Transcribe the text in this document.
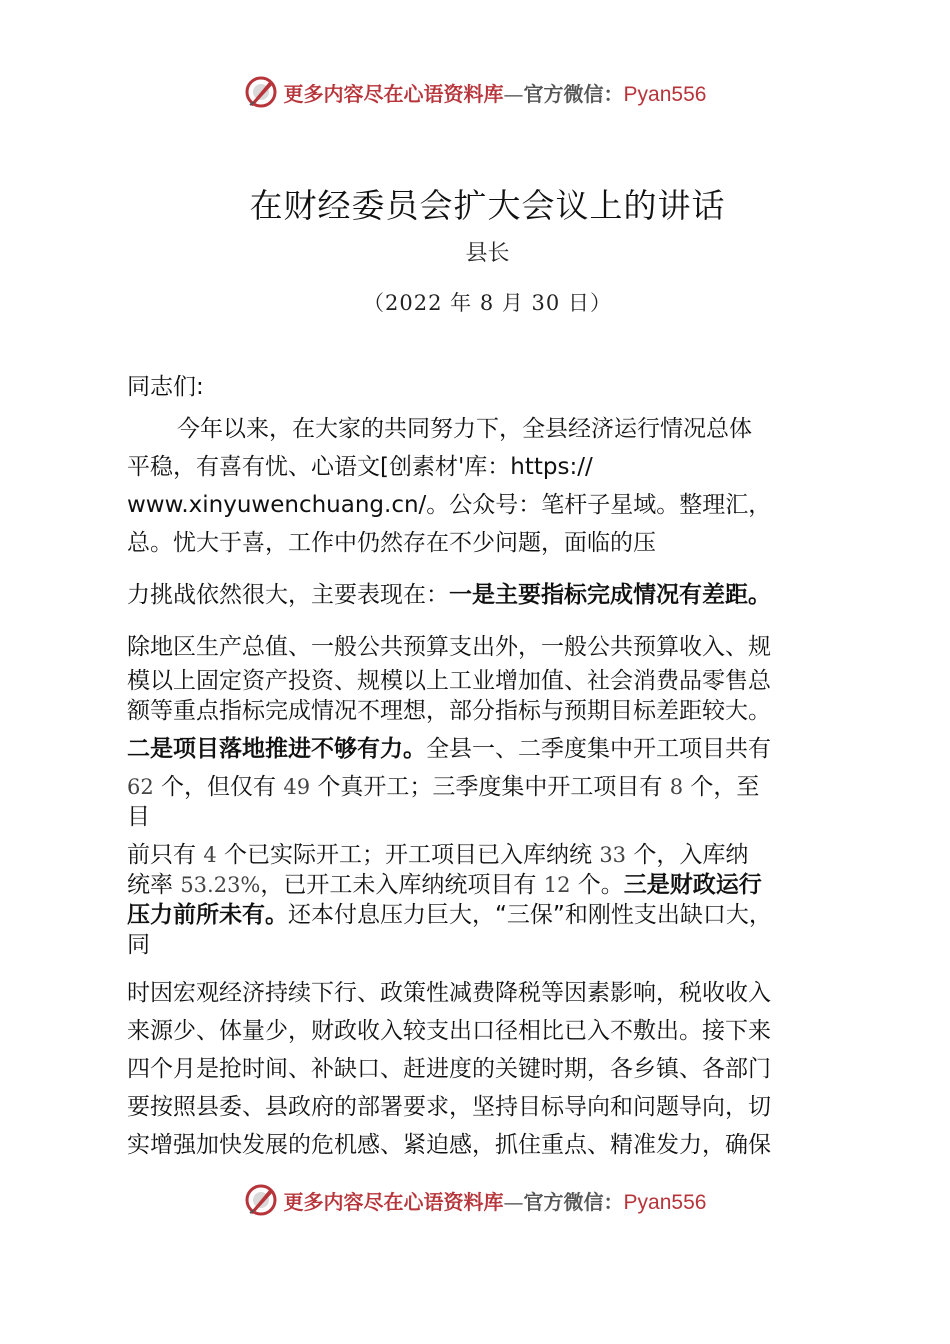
更多内容尽在心语资料库—官方微信：Pyan556
在财经委员会扩大会议上的讲话
县长
（2022 年 8 月 30 日）
同志们:
今年以来，在大家的共同努力下，全县经济运行情况总体
平稳，有喜有忧、心语文[创素材'库：https://
www.xinyuwenchuang.cn/。公众号：笔杆子星域。整理汇，
总。忧大于喜，工作中仍然存在不少问题，面临的压
力挑战依然很大，主要表现在：一是主要指标完成情况有差距。
除地区生产总值、一般公共预算支出外，一般公共预算收入、规
模以上固定资产投资、规模以上工业增加值、社会消费品零售总
额等重点指标完成情况不理想，部分指标与预期目标差距较大。
二是项目落地推进不够有力。全县一、二季度集中开工项目共有
62 个，但仅有 49 个真开工；三季度集中开工项目有 8 个，至
目
前只有 4 个已实际开工；开工项目已入库纳统 33 个，入库纳
统率 53.23%，已开工未入库纳统项目有 12 个。三是财政运行
压力前所未有。还本付息压力巨大，“三保”和刚性支出缺口大，
同
时因宏观经济持续下行、政策性减费降税等因素影响，税收收入
来源少、体量少，财政收入较支出口径相比已入不敷出。接下来
四个月是抢时间、补缺口、赶进度的关键时期，各乡镇、各部门
要按照县委、县政府的部署要求，坚持目标导向和问题导向，切
实增强加快发展的危机感、紧迫感，抓住重点、精准发力，确保
更多内容尽在心语资料库—官方微信：Pyan556
